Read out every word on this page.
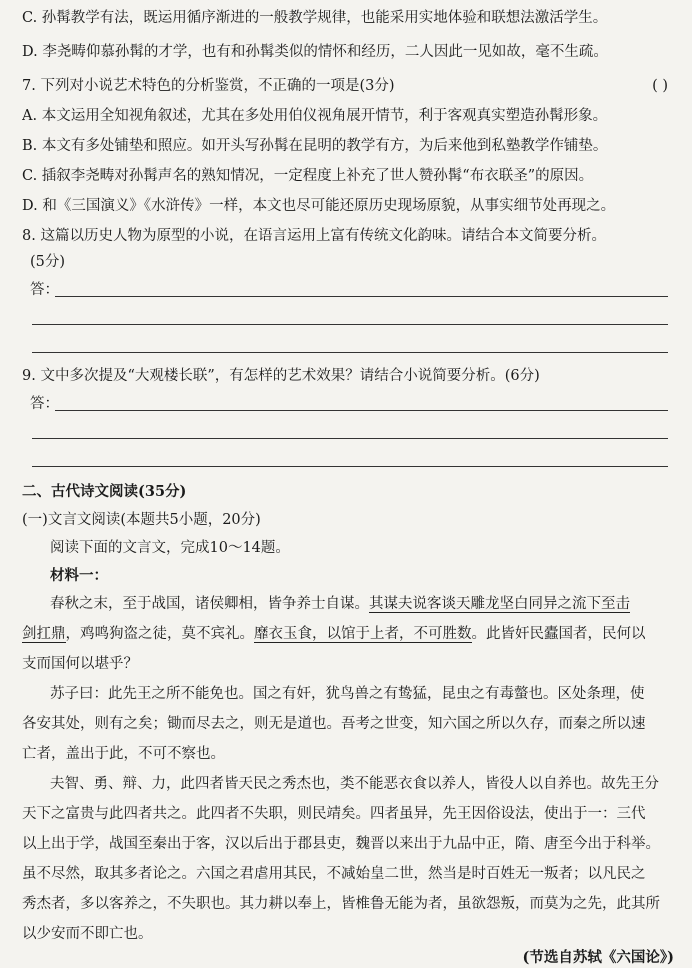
C. 孙髯教学有法，既运用循序渐进的一般教学规律，也能采用实地体验和联想法激活学生。
D. 李尧畴仰慕孙髯的才学，也有和孙髯类似的情怀和经历，二人因此一见如故，毫不生疏。
7. 下列对小说艺术特色的分析鉴赏，不正确的一项是(3分)	( )
A. 本文运用全知视角叙述，尤其在多处用伯仪视角展开情节，利于客观真实塑造孙髯形象。
B. 本文有多处铺垫和照应。如开头写孙髯在昆明的教学有方，为后来他到私塾教学作铺垫。
C. 插叙李尧畴对孙髯声名的熟知情况，一定程度上补充了世人赞孙髯“布衣联圣”的原因。
D. 和《三国演义》《水浒传》一样，本文也尽可能还原历史现场原貌，从事实细节处再现之。
8. 这篇以历史人物为原型的小说，在语言运用上富有传统文化韵味。请结合本文简要分析。
(5分)
答：
9. 文中多次提及“大观楼长联”，有怎样的艺术效果？请结合小说简要分析。(6分)
答：
二、古代诗文阅读(35分)
(一)文言文阅读(本题共5小题，20分)
阅读下面的文言文，完成10～14题。
材料一：
春秋之末，至于战国，诸侯卿相，皆争养士自谋。其谋夫说客谈天雕龙坚白同异之流下至击
剑扛鼎，鸡鸣狗盗之徒，莫不宾礼。靡衣玉食，以馆于上者，不可胜数。此皆奸民蠹国者，民何以
支而国何以堪乎？
苏子曰：此先王之所不能免也。国之有奸，犹鸟兽之有鸷猛，昆虫之有毒螫也。区处条理，使
各安其处，则有之矣；锄而尽去之，则无是道也。吾考之世变，知六国之所以久存，而秦之所以速
亡者，盖出于此，不可不察也。
夫智、勇、辩、力，此四者皆天民之秀杰也，类不能恶衣食以养人，皆役人以自养也。故先王分
天下之富贵与此四者共之。此四者不失职，则民靖矣。四者虽异，先王因俗设法，使出于一：三代
以上出于学，战国至秦出于客，汉以后出于郡县吏，魏晋以来出于九品中正，隋、唐至今出于科举。
虽不尽然，取其多者论之。六国之君虐用其民，不减始皇二世，然当是时百姓无一叛者；以凡民之
秀杰者，多以客养之，不失职也。其力耕以奉上，皆椎鲁无能为者，虽欲怨叛，而莫为之先，此其所
以少安而不即亡也。
(节选自苏轼《六国论》)
